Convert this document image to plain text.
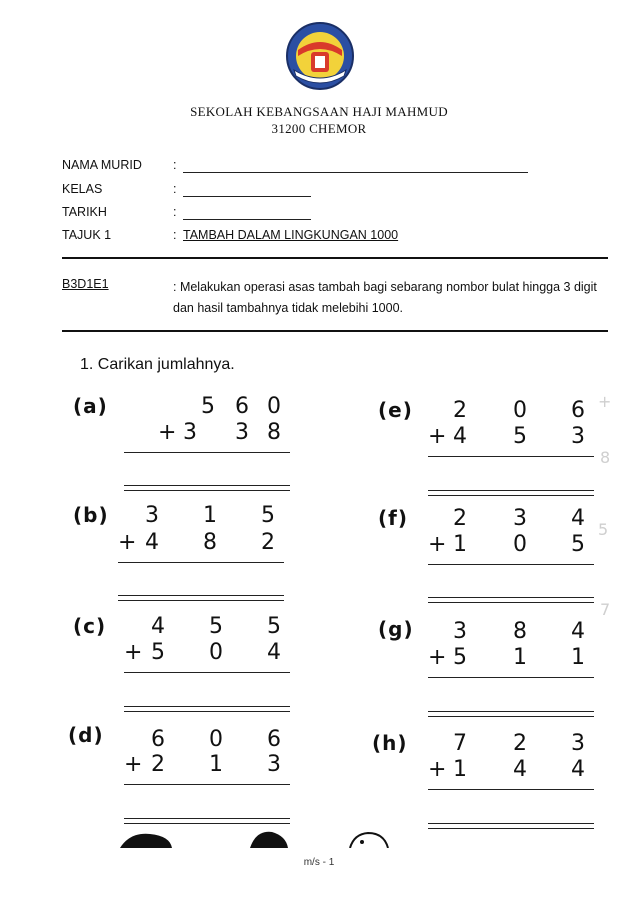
SEKOLAH KEBANGSAAN HAJI MAHMUD
31200 CHEMOR
NAMA MURID :
KELAS	:
TARIKH	:
TAJUK 1	: TAMBAH DALAM LINGKUNGAN 1000
B3D1E1	: Melakukan operasi asas tambah bagi sebarang nombor bulat hingga 3 digit dan hasil tambahnya tidak melebihi 1000.
1. Carikan jumlahnya.
+
8
5
7
(a)	5 6 0
+ 3 3 8
(b) 3 1 5
+ 4 8 2
(c) 4 5 5
+ 5 0 4
(d) 6 0 6
+ 2 1 3
(e) 2 0 6
+ 4 5 3
(f) 2 3 4
+ 1 0 5
(g) 3 8 4
+ 5 1 1
(h) 7 2 3
+ 1 4 4
m/s - 1
